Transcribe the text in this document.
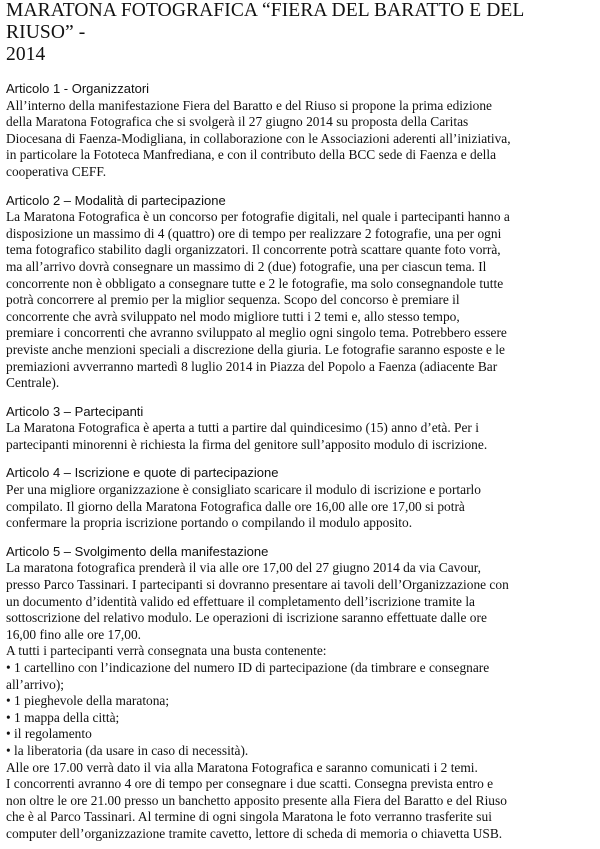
MARATONA FOTOGRAFICA “FIERA DEL BARATTO E DEL RIUSO” -
2014
Articolo 1 - Organizzatori

All’interno della manifestazione Fiera del Baratto e del Riuso si propone la prima edizione
della Maratona Fotografica che si svolgerà il 27 giugno 2014 su proposta della Caritas
Diocesana di Faenza-Modigliana, in collaborazione con le Associazioni aderenti all’iniziativa,
in particolare la Fototeca Manfrediana, e con il contributo della BCC sede di Faenza e della
cooperativa CEFF.

Articolo 2 – Modalità di partecipazione

La Maratona Fotografica è un concorso per fotografie digitali, nel quale i partecipanti hanno a
disposizione un massimo di 4 (quattro) ore di tempo per realizzare 2 fotografie, una per ogni
tema fotografico stabilito dagli organizzatori. Il concorrente potrà scattare quante foto vorrà,
ma all’arrivo dovrà consegnare un massimo di 2 (due) fotografie, una per ciascun tema. Il
concorrente non è obbligato a consegnare tutte e 2 le fotografie, ma solo consegnandole tutte
potrà concorrere al premio per la miglior sequenza. Scopo del concorso è premiare il
concorrente che avrà sviluppato nel modo migliore tutti i 2 temi e, allo stesso tempo,
premiare i concorrenti che avranno sviluppato al meglio ogni singolo tema. Potrebbero essere
previste anche menzioni speciali a discrezione della giuria. Le fotografie saranno esposte e le
premiazioni avverranno martedì 8 luglio 2014 in Piazza del Popolo a Faenza (adiacente Bar
Centrale).

Articolo 3 – Partecipanti

La Maratona Fotografica è aperta a tutti a partire dal quindicesimo (15) anno d’età. Per i
partecipanti minorenni è richiesta la firma del genitore sull’apposito modulo di iscrizione.

Articolo 4 – Iscrizione e quote di partecipazione

Per una migliore organizzazione è consigliato scaricare il modulo di iscrizione e portarlo
compilato. Il giorno della Maratona Fotografica dalle ore 16,00 alle ore 17,00 si potrà
confermare la propria iscrizione portando o compilando il modulo apposito.

Articolo 5 – Svolgimento della manifestazione

La maratona fotografica prenderà il via alle ore 17,00 del 27 giugno 2014 da via Cavour,
presso Parco Tassinari. I partecipanti si dovranno presentare ai tavoli dell’Organizzazione con
un documento d’identità valido ed effettuare il completamento dell’iscrizione tramite la
sottoscrizione del relativo modulo. Le operazioni di iscrizione saranno effettuate dalle ore
16,00 fino alle ore 17,00.
A tutti i partecipanti verrà consegnata una busta contenente:

• 1 cartellino con l’indicazione del numero ID di partecipazione (da timbrare e consegnare
all’arrivo);
• 1 pieghevole della maratona;
• 1 mappa della città;
• il regolamento
• la liberatoria (da usare in caso di necessità).

Alle ore 17.00 verrà dato il via alla Maratona Fotografica e saranno comunicati i 2 temi.
I concorrenti avranno 4 ore di tempo per consegnare i due scatti. Consegna prevista entro e
non oltre le ore 21.00 presso un banchetto apposito presente alla Fiera del Baratto e del Riuso
che è al Parco Tassinari. Al termine di ogni singola Maratona le foto verranno trasferite sui
computer dell’organizzazione tramite cavetto, lettore di scheda di memoria o chiavetta USB.
